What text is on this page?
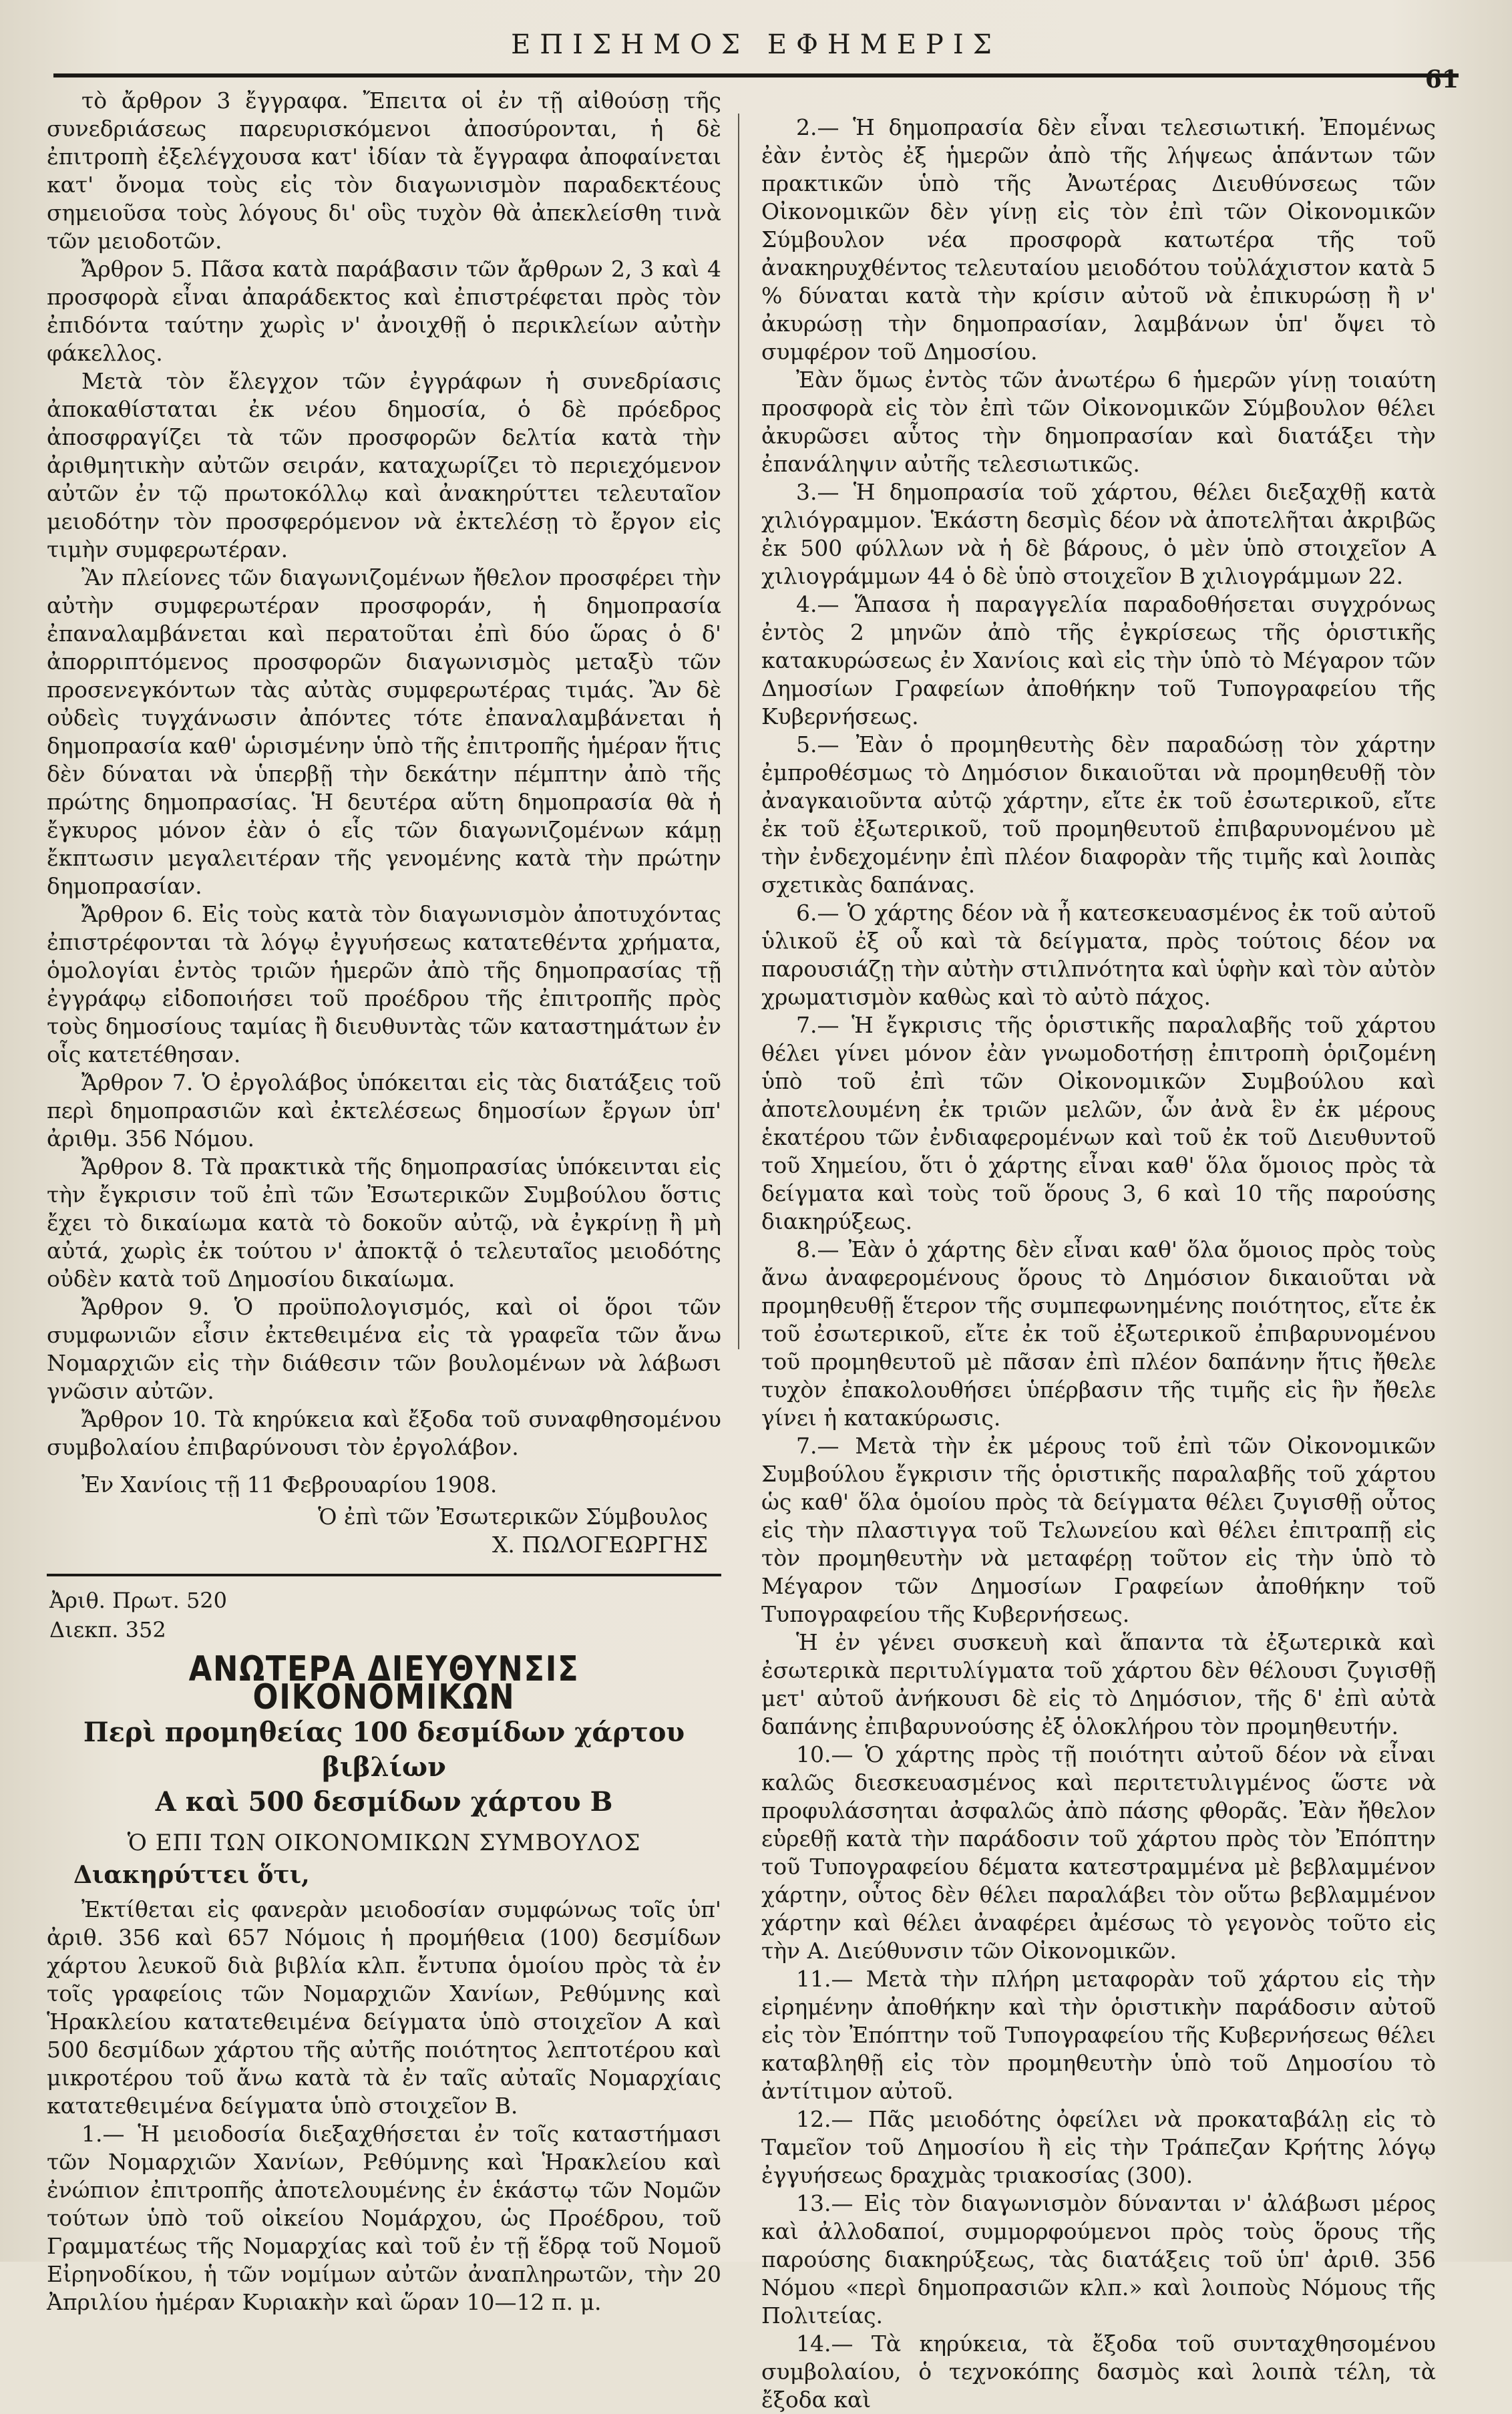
ΕΠΙΣΗΜΟΣ ΕΦΗΜΕΡΙΣ
61

τὸ ἄρθρον 3 ἔγγραφα. Ἔπειτα οἱ ἐν τῇ αἰθούσῃ τῆς συνεδριάσεως παρευρισκόμενοι ἀποσύρονται, ἡ δὲ ἐπιτροπὴ ἐξελέγχουσα κατ' ἰδίαν τὰ ἔγγραφα ἀποφαίνεται κατ' ὄνομα τοὺς εἰς τὸν διαγωνισμὸν παραδεκτέους σημειοῦσα τοὺς λόγους δι' οὓς τυχὸν θὰ ἀπεκλείσθη τινὰ τῶν μειοδοτῶν.

Ἄρθρον 5. Πᾶσα κατὰ παράβασιν τῶν ἄρθρων 2, 3 καὶ 4 προσφορὰ εἶναι ἀπαράδεκτος καὶ ἐπιστρέφεται πρὸς τὸν ἐπιδόντα ταύτην χωρὶς ν' ἀνοιχθῇ ὁ περικλείων αὐτὴν φάκελλος.

Μετὰ τὸν ἔλεγχον τῶν ἐγγράφων ἡ συνεδρίασις ἀποκαθίσταται ἐκ νέου δημοσία, ὁ δὲ πρόεδρος ἀποσφραγίζει τὰ τῶν προσφορῶν δελτία κατὰ τὴν ἀριθμητικὴν αὐτῶν σειράν, καταχωρίζει τὸ περιεχόμενον αὐτῶν ἐν τῷ πρωτοκόλλῳ καὶ ἀνακηρύττει τελευταῖον μειοδότην τὸν προσφερόμενον νὰ ἐκτελέσῃ τὸ ἔργον εἰς τιμὴν συμφερωτέραν.

Ἂν πλείονες τῶν διαγωνιζομένων ἤθελον προσφέρει τὴν αὐτὴν συμφερωτέραν προσφοράν, ἡ δημοπρασία ἐπαναλαμβάνεται καὶ περατοῦται ἐπὶ δύο ὥρας ὁ δ' ἀπορριπτόμενος προσφορῶν διαγωνισμὸς μεταξὺ τῶν προσενεγκόντων τὰς αὐτὰς συμφερωτέρας τιμάς. Ἂν δὲ οὐδεὶς τυγχάνωσιν ἀπόντες τότε ἐπαναλαμβάνεται ἡ δημοπρασία καθ' ὡρισμένην ὑπὸ τῆς ἐπιτροπῆς ἡμέραν ἥτις δὲν δύναται νὰ ὑπερβῇ τὴν δεκάτην πέμπτην ἀπὸ τῆς πρώτης δημοπρασίας. Ἡ δευτέρα αὕτη δημοπρασία θὰ ἡ ἔγκυρος μόνον ἐὰν ὁ εἷς τῶν διαγωνιζομένων κάμῃ ἔκπτωσιν μεγαλειτέραν τῆς γενομένης κατὰ τὴν πρώτην δημοπρασίαν.

Ἄρθρον 6. Εἰς τοὺς κατὰ τὸν διαγωνισμὸν ἀποτυχόντας ἐπιστρέφονται τὰ λόγῳ ἐγγυήσεως κατατεθέντα χρήματα, ὁμολογίαι ἐντὸς τριῶν ἡμερῶν ἀπὸ τῆς δημοπρασίας τῇ ἐγγράφῳ εἰδοποιήσει τοῦ προέδρου τῆς ἐπιτροπῆς πρὸς τοὺς δημοσίους ταμίας ἢ διευθυντὰς τῶν καταστημάτων ἐν οἷς κατετέθησαν.

Ἄρθρον 7. Ὁ ἐργολάβος ὑπόκειται εἰς τὰς διατάξεις τοῦ περὶ δημοπρασιῶν καὶ ἐκτελέσεως δημοσίων ἔργων ὑπ' ἀριθμ. 356 Νόμου.

Ἄρθρον 8. Τὰ πρακτικὰ τῆς δημοπρασίας ὑπόκεινται εἰς τὴν ἔγκρισιν τοῦ ἐπὶ τῶν Ἐσωτερικῶν Συμβούλου ὅστις ἔχει τὸ δικαίωμα κατὰ τὸ δοκοῦν αὐτῷ, νὰ ἐγκρίνῃ ἢ μὴ αὐτά, χωρὶς ἐκ τούτου ν' ἀποκτᾷ ὁ τελευταῖος μειοδότης οὐδὲν κατὰ τοῦ Δημοσίου δικαίωμα.

Ἄρθρον 9. Ὁ προϋπολογισμός, καὶ οἱ ὅροι τῶν συμφωνιῶν εἶσιν ἐκτεθειμένα εἰς τὰ γραφεῖα τῶν ἄνω Νομαρχιῶν εἰς τὴν διάθεσιν τῶν βουλομένων νὰ λάβωσι γνῶσιν αὐτῶν.

Ἄρθρον 10. Τὰ κηρύκεια καὶ ἔξοδα τοῦ συναφθησομένου συμβολαίου ἐπιβαρύνουσι τὸν ἐργολάβον.

Ἐν Χανίοις τῇ 11 Φεβρουαρίου 1908.

Ὁ ἐπὶ τῶν Ἐσωτερικῶν Σύμβουλος

Χ. ΠΩΛΟΓΕΩΡΓΗΣ

Ἀριθ. Πρωτ. 520
Διεκπ. 352
ΑΝΩΤΕΡΑ ΔΙΕΥΘΥΝΣΙΣ ΟΙΚΟΝΟΜΙΚΩΝ

Περὶ προμηθείας 100 δεσμίδων χάρτου βιβλίων

Α καὶ 500 δεσμίδων χάρτου Β

Ὁ ΕΠΙ ΤΩΝ ΟΙΚΟΝΟΜΙΚΩΝ ΣΥΜΒΟΥΛΟΣ

Διακηρύττει ὅτι,

Ἐκτίθεται εἰς φανερὰν μειοδοσίαν συμφώνως τοῖς ὑπ' ἀριθ. 356 καὶ 657 Νόμοις ἡ προμήθεια (100) δεσμίδων χάρτου λευκοῦ διὰ βιβλία κλπ. ἔντυπα ὁμοίου πρὸς τὰ ἐν τοῖς γραφείοις τῶν Νομαρχιῶν Χανίων, Ρεθύμνης καὶ Ἡρακλείου κατατεθειμένα δείγματα ὑπὸ στοιχεῖον Α καὶ 500 δεσμίδων χάρτου τῆς αὐτῆς ποιότητος λεπτοτέρου καὶ μικροτέρου τοῦ ἄνω κατὰ τὰ ἐν ταῖς αὐταῖς Νομαρχίαις κατατεθειμένα δείγματα ὑπὸ στοιχεῖον Β.

1.— Ἡ μειοδοσία διεξαχθήσεται ἐν τοῖς καταστήμασι τῶν Νομαρχιῶν Χανίων, Ρεθύμνης καὶ Ἡρακλείου καὶ ἐνώπιον ἐπιτροπῆς ἀποτελουμένης ἐν ἑκάστῳ τῶν Νομῶν τούτων ὑπὸ τοῦ οἰκείου Νομάρχου, ὡς Προέδρου, τοῦ Γραμματέως τῆς Νομαρχίας καὶ τοῦ ἐν τῇ ἕδρᾳ τοῦ Νομοῦ Εἰρηνοδίκου, ἡ τῶν νομίμων αὐτῶν ἀναπληρωτῶν, τὴν 20 Ἀπριλίου ἡμέραν Κυριακὴν καὶ ὥραν 10—12 π. μ.

2.— Ἡ δημοπρασία δὲν εἶναι τελεσιωτική. Ἐπομένως ἐὰν ἐντὸς ἐξ ἡμερῶν ἀπὸ τῆς λήψεως ἁπάντων τῶν πρακτικῶν ὑπὸ τῆς Ἀνωτέρας Διευθύνσεως τῶν Οἰκονομικῶν δὲν γίνῃ εἰς τὸν ἐπὶ τῶν Οἰκονομικῶν Σύμβουλον νέα προσφορὰ κατωτέρα τῆς τοῦ ἀνακηρυχθέντος τελευταίου μειοδότου τοὐλάχιστον κατὰ 5 % δύναται κατὰ τὴν κρίσιν αὐτοῦ νὰ ἐπικυρώσῃ ἢ ν' ἀκυρώσῃ τὴν δημοπρασίαν, λαμβάνων ὑπ' ὄψει τὸ συμφέρον τοῦ Δημοσίου.

Ἐὰν ὅμως ἐντὸς τῶν ἀνωτέρω 6 ἡμερῶν γίνῃ τοιαύτη προσφορὰ εἰς τὸν ἐπὶ τῶν Οἰκονομικῶν Σύμβουλον θέλει ἀκυρῶσει αὗτος τὴν δημοπρασίαν καὶ διατάξει τὴν ἐπανάληψιν αὐτῆς τελεσιωτικῶς.

3.— Ἡ δημοπρασία τοῦ χάρτου, θέλει διεξαχθῇ κατὰ χιλιόγραμμον. Ἑκάστη δεσμὶς δέον νὰ ἀποτελῆται ἀκριβῶς ἐκ 500 φύλλων νὰ ἡ δὲ βάρους, ὁ μὲν ὑπὸ στοιχεῖον Α χιλιογράμμων 44 ὁ δὲ ὑπὸ στοιχεῖον Β χιλιογράμμων 22.

4.— Ἅπασα ἡ παραγγελία παραδοθήσεται συγχρόνως ἐντὸς 2 μηνῶν ἀπὸ τῆς ἐγκρίσεως τῆς ὁριστικῆς κατακυρώσεως ἐν Χανίοις καὶ εἰς τὴν ὑπὸ τὸ Μέγαρον τῶν Δημοσίων Γραφείων ἀποθήκην τοῦ Τυπογραφείου τῆς Κυβερνήσεως.

5.— Ἐὰν ὁ προμηθευτὴς δὲν παραδώσῃ τὸν χάρτην ἐμπροθέσμως τὸ Δημόσιον δικαιοῦται νὰ προμηθευθῇ τὸν ἀναγκαιοῦντα αὐτῷ χάρτην, εἴτε ἐκ τοῦ ἐσωτερικοῦ, εἴτε ἐκ τοῦ ἐξωτερικοῦ, τοῦ προμηθευτοῦ ἐπιβαρυνομένου μὲ τὴν ἐνδεχομένην ἐπὶ πλέον διαφορὰν τῆς τιμῆς καὶ λοιπὰς σχετικὰς δαπάνας.

6.— Ὁ χάρτης δέον νὰ ἦ κατεσκευασμένος ἐκ τοῦ αὐτοῦ ὑλικοῦ ἐξ οὗ καὶ τὰ δείγματα, πρὸς τούτοις δέον να παρουσιάζῃ τὴν αὐτὴν στιλπνότητα καὶ ὑφὴν καὶ τὸν αὐτὸν χρωματισμὸν καθὼς καὶ τὸ αὐτὸ πάχος.

7.— Ἡ ἔγκρισις τῆς ὁριστικῆς παραλαβῆς τοῦ χάρτου θέλει γίνει μόνον ἐὰν γνωμοδοτήσῃ ἐπιτροπὴ ὁριζομένη ὑπὸ τοῦ ἐπὶ τῶν Οἰκονομικῶν Συμβούλου καὶ ἀποτελουμένη ἐκ τριῶν μελῶν, ὧν ἀνὰ ἓν ἐκ μέρους ἑκατέρου τῶν ἐνδιαφερομένων καὶ τοῦ ἐκ τοῦ Διευθυντοῦ τοῦ Χημείου, ὅτι ὁ χάρτης εἶναι καθ' ὅλα ὅμοιος πρὸς τὰ δείγματα καὶ τοὺς τοῦ ὅρους 3, 6 καὶ 10 τῆς παρούσης διακηρύξεως.

8.— Ἐὰν ὁ χάρτης δὲν εἶναι καθ' ὅλα ὅμοιος πρὸς τοὺς ἄνω ἀναφερομένους ὅρους τὸ Δημόσιον δικαιοῦται νὰ προμηθευθῇ ἕτερον τῆς συμπεφωνημένης ποιότητος, εἴτε ἐκ τοῦ ἐσωτερικοῦ, εἴτε ἐκ τοῦ ἐξωτερικοῦ ἐπιβαρυνομένου τοῦ προμηθευτοῦ μὲ πᾶσαν ἐπὶ πλέον δαπάνην ἥτις ἤθελε τυχὸν ἐπακολουθήσει ὑπέρβασιν τῆς τιμῆς εἰς ἣν ἤθελε γίνει ἡ κατακύρωσις.

7.— Μετὰ τὴν ἐκ μέρους τοῦ ἐπὶ τῶν Οἰκονομικῶν Συμβούλου ἔγκρισιν τῆς ὁριστικῆς παραλαβῆς τοῦ χάρτου ὡς καθ' ὅλα ὁμοίου πρὸς τὰ δείγματα θέλει ζυγισθῇ οὗτος εἰς τὴν πλαστιγγα τοῦ Τελωνείου καὶ θέλει ἐπιτραπῇ εἰς τὸν προμηθευτὴν νὰ μεταφέρῃ τοῦτον εἰς τὴν ὑπὸ τὸ Μέγαρον τῶν Δημοσίων Γραφείων ἀποθήκην τοῦ Τυπογραφείου τῆς Κυβερνήσεως.

Ἡ ἐν γένει συσκευὴ καὶ ἅπαντα τὰ ἐξωτερικὰ καὶ ἐσωτερικὰ περιτυλίγματα τοῦ χάρτου δὲν θέλουσι ζυγισθῇ μετ' αὐτοῦ ἀνήκουσι δὲ εἰς τὸ Δημόσιον, τῆς δ' ἐπὶ αὐτὰ δαπάνης ἐπιβαρυνούσης ἐξ ὁλοκλήρου τὸν προμηθευτήν.

10.— Ὁ χάρτης πρὸς τῇ ποιότητι αὐτοῦ δέον νὰ εἶναι καλῶς διεσκευασμένος καὶ περιτετυλιγμένος ὥστε νὰ προφυλάσσηται ἀσφαλῶς ἀπὸ πάσης φθορᾶς. Ἐὰν ἤθελον εὑρεθῇ κατὰ τὴν παράδοσιν τοῦ χάρτου πρὸς τὸν Ἐπόπτην τοῦ Τυπογραφείου δέματα κατεστραμμένα μὲ βεβλαμμένον χάρτην, οὗτος δὲν θέλει παραλάβει τὸν οὕτω βεβλαμμένον χάρτην καὶ θέλει ἀναφέρει ἀμέσως τὸ γεγονὸς τοῦτο εἰς τὴν Α. Διεύθυνσιν τῶν Οἰκονομικῶν.

11.— Μετὰ τὴν πλήρη μεταφορὰν τοῦ χάρτου εἰς τὴν εἰρημένην ἀποθήκην καὶ τὴν ὁριστικὴν παράδοσιν αὐτοῦ εἰς τὸν Ἐπόπτην τοῦ Τυπογραφείου τῆς Κυβερνήσεως θέλει καταβληθῇ εἰς τὸν προμηθευτὴν ὑπὸ τοῦ Δημοσίου τὸ ἀντίτιμον αὐτοῦ.

12.— Πᾶς μειοδότης ὀφείλει νὰ προκαταβάλῃ εἰς τὸ Ταμεῖον τοῦ Δημοσίου ἢ εἰς τὴν Τράπεζαν Κρήτης λόγῳ ἐγγυήσεως δραχμὰς τριακοσίας (300).

13.— Εἰς τὸν διαγωνισμὸν δύνανται ν' ἀλάβωσι μέρος καὶ ἀλλοδαποί, συμμορφούμενοι πρὸς τοὺς ὅρους τῆς παρούσης διακηρύξεως, τὰς διατάξεις τοῦ ὑπ' ἀριθ. 356 Νόμου «περὶ δημοπρασιῶν κλπ.» καὶ λοιποὺς Νόμους τῆς Πολιτείας.

14.— Τὰ κηρύκεια, τὰ ἔξοδα τοῦ συνταχθησομένου συμβολαίου, ὁ τεχνοκόπης δασμὸς καὶ λοιπὰ τέλη, τὰ ἔξοδα καὶ
